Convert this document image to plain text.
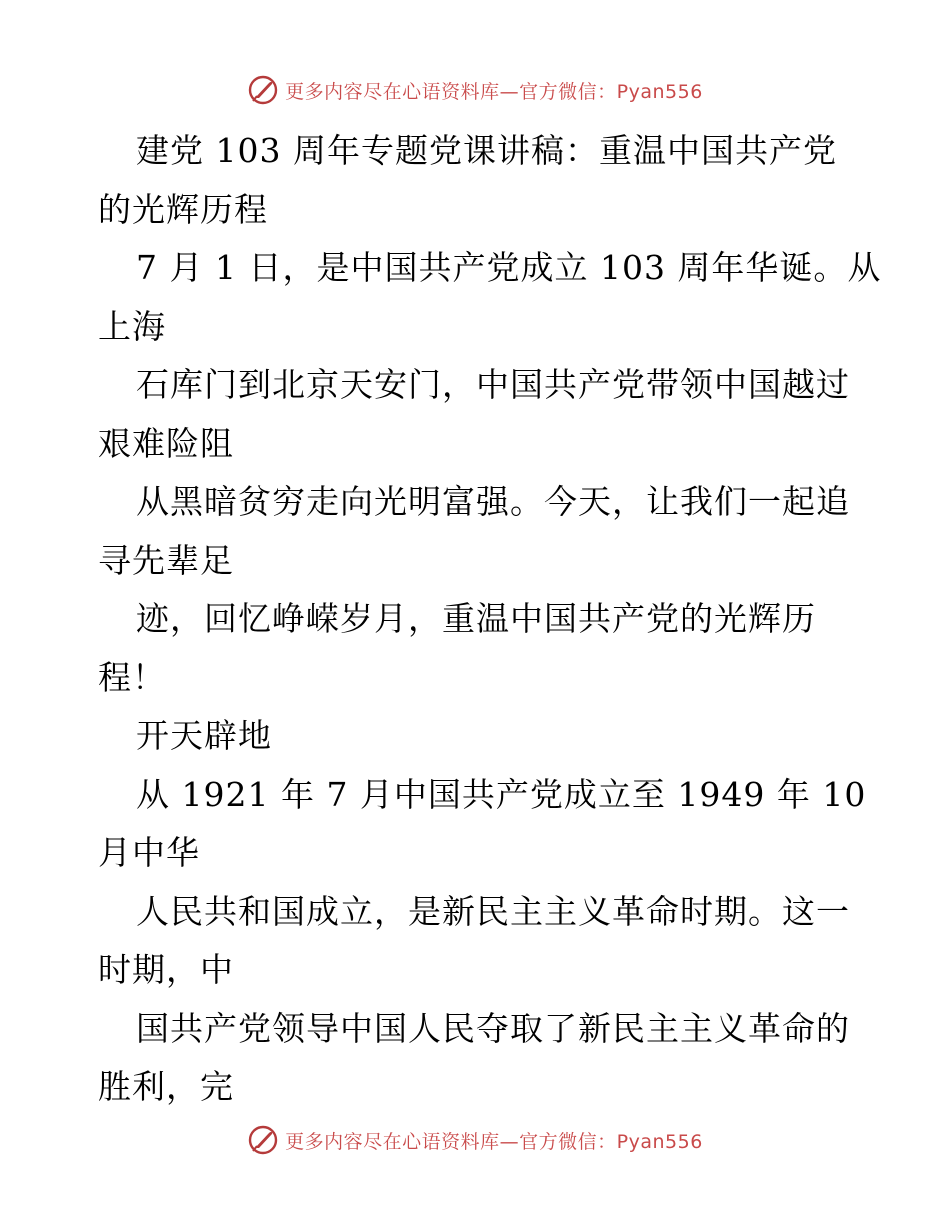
更多内容尽在心语资料库—官方微信：Pyan556
建党 103 周年专题党课讲稿：重温中国共产党
的光辉历程
7 月 1 日，是中国共产党成立 103 周年华诞。从
上海
石库门到北京天安门，中国共产党带领中国越过
艰难险阻
从黑暗贫穷走向光明富强。今天，让我们一起追
寻先辈足
迹，回忆峥嵘岁月，重温中国共产党的光辉历
程！
开天辟地
从 1921 年 7 月中国共产党成立至 1949 年 10
月中华
人民共和国成立，是新民主主义革命时期。这一
时期，中
国共产党领导中国人民夺取了新民主主义革命的
胜利，完
更多内容尽在心语资料库—官方微信：Pyan556
